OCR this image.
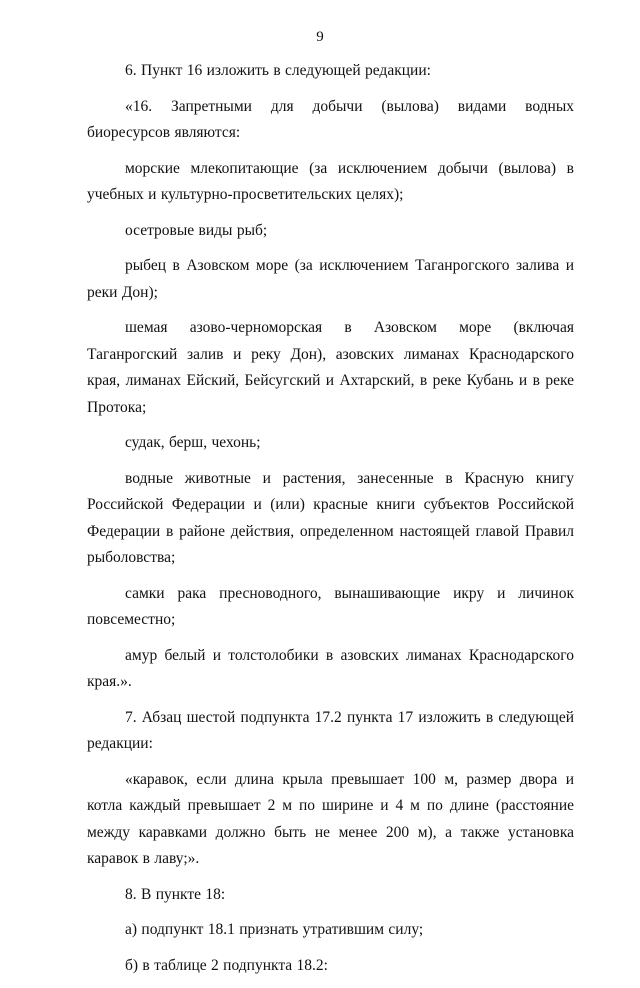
9

6. Пункт 16 изложить в следующей редакции:

«16. Запретными для добычи (вылова) видами водных биоресурсов являются:

морские млекопитающие (за исключением добычи (вылова) в учебных и культурно-просветительских целях);

осетровые виды рыб;

рыбец в Азовском море (за исключением Таганрогского залива и реки Дон);

шемая азово-черноморская в Азовском море (включая Таганрогский залив и реку Дон), азовских лиманах Краснодарского края, лиманах Ейский, Бейсугский и Ахтарский, в реке Кубань и в реке Протока;

судак, берш, чехонь;

водные животные и растения, занесенные в Красную книгу Российской Федерации и (или) красные книги субъектов Российской Федерации в районе действия, определенном настоящей главой Правил рыболовства;

самки рака пресноводного, вынашивающие икру и личинок повсеместно;

амур белый и толстолобики в азовских лиманах Краснодарского края.».

7. Абзац шестой подпункта 17.2 пункта 17 изложить в следующей редакции:

«каравок, если длина крыла превышает 100 м, размер двора и котла каждый превышает 2 м по ширине и 4 м по длине (расстояние между каравками должно быть не менее 200 м), а также установка каравок в лаву;».

8. В пункте 18:

а) подпункт 18.1 признать утратившим силу;

б) в таблице 2 подпункта 18.2:
